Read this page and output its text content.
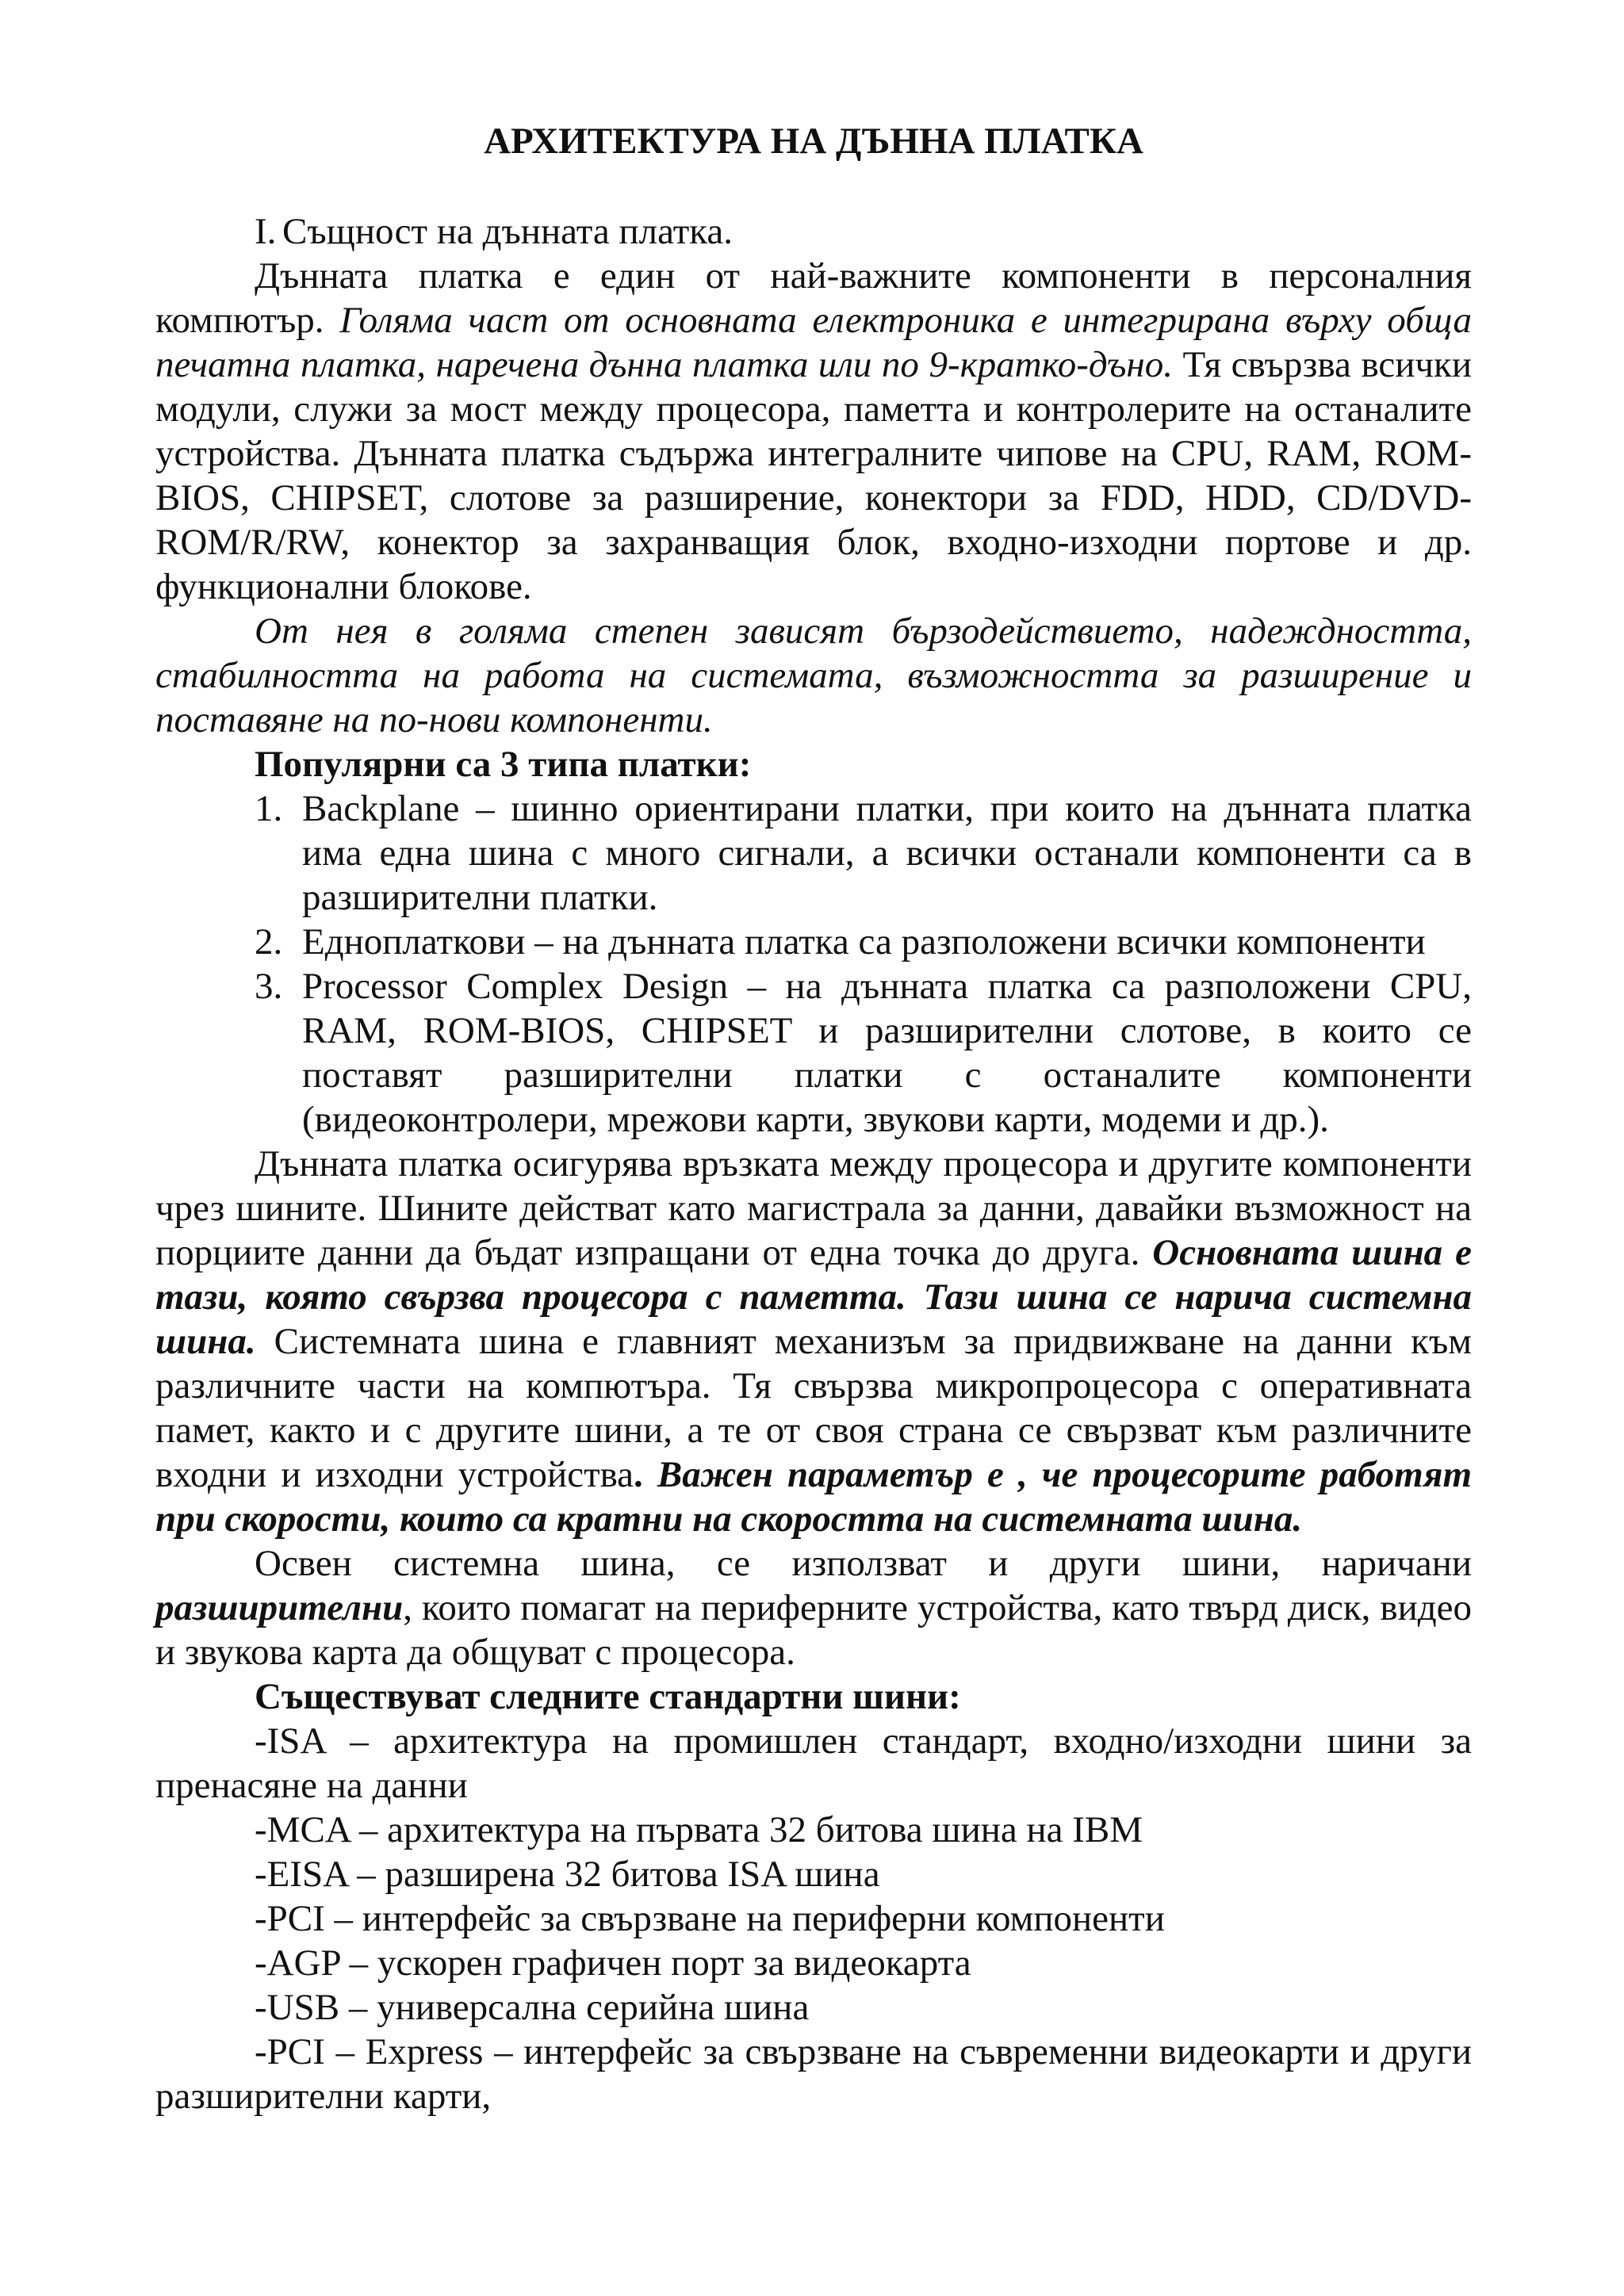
АРХИТЕКТУРА НА ДЪННА ПЛАТКА

I. Същност на дънната платка.

Дънната платка е един от най-важните компоненти в персоналния компютър. Голяма част от основната електроника е интегрирана върху обща печатна платка, наречена дънна платка или по 9-кратко-дъно. Тя свързва всички модули, служи за мост между процесора, паметта и контролерите на останалите устройства. Дънната платка съдържа интегралните чипове на CPU, RAM, ROM-BIOS, CHIPSET, слотове за разширение, конектори за FDD, HDD, CD/DVD-ROM/R/RW, конектор за захранващия блок, входно-изходни портове и др. функционални блокове.

От нея в голяма степен зависят бързодействието, надеждността, стабилността на работа на системата, възможността за разширение и поставяне на по-нови компоненти.

Популярни са 3 типа платки:

1. Backplane – шинно ориентирани платки, при които на дънната платка има една шина с много сигнали, а всички останали компоненти са в разширителни платки.
2. Едноплаткови – на дънната платка са разположени всички компоненти
3. Processor Complex Design – на дънната платка са разположени CPU, RAM, ROM-BIOS, CHIPSET и разширителни слотове, в които се поставят разширителни платки с останалите компоненти (видеоконтролери, мрежови карти, звукови карти, модеми и др.).

Дънната платка осигурява връзката между процесора и другите компоненти чрез шините. Шините действат като магистрала за данни, давайки възможност на порциите данни да бъдат изпращани от една точка до друга. Основната шина е тази, която свързва процесора с паметта. Тази шина се нарича системна шина. Системната шина е главният механизъм за придвижване на данни към различните части на компютъра. Тя свързва микропроцесора с оперативната памет, както и с другите шини, а те от своя страна се свързват към различните входни и изходни устройства. Важен параметър е , че процесорите работят при скорости, които са кратни на скоростта на системната шина.

Освен системна шина, се използват и други шини, наричани разширителни, които помагат на периферните устройства, като твърд диск, видео и звукова карта да общуват с процесора.

Съществуват следните стандартни шини:

-ISA – архитектура на промишлен стандарт, входно/изходни шини за пренасяне на данни

-MCA – архитектура на първата 32 битова шина на IBM

-EISA – разширена 32 битова ISA шина

-PCI – интерфейс за свързване на периферни компоненти

-AGP – ускорен графичен порт за видеокарта

-USB – универсална серийна шина

-PCI – Express – интерфейс за свързване на съвременни видеокарти и други разширителни карти,
